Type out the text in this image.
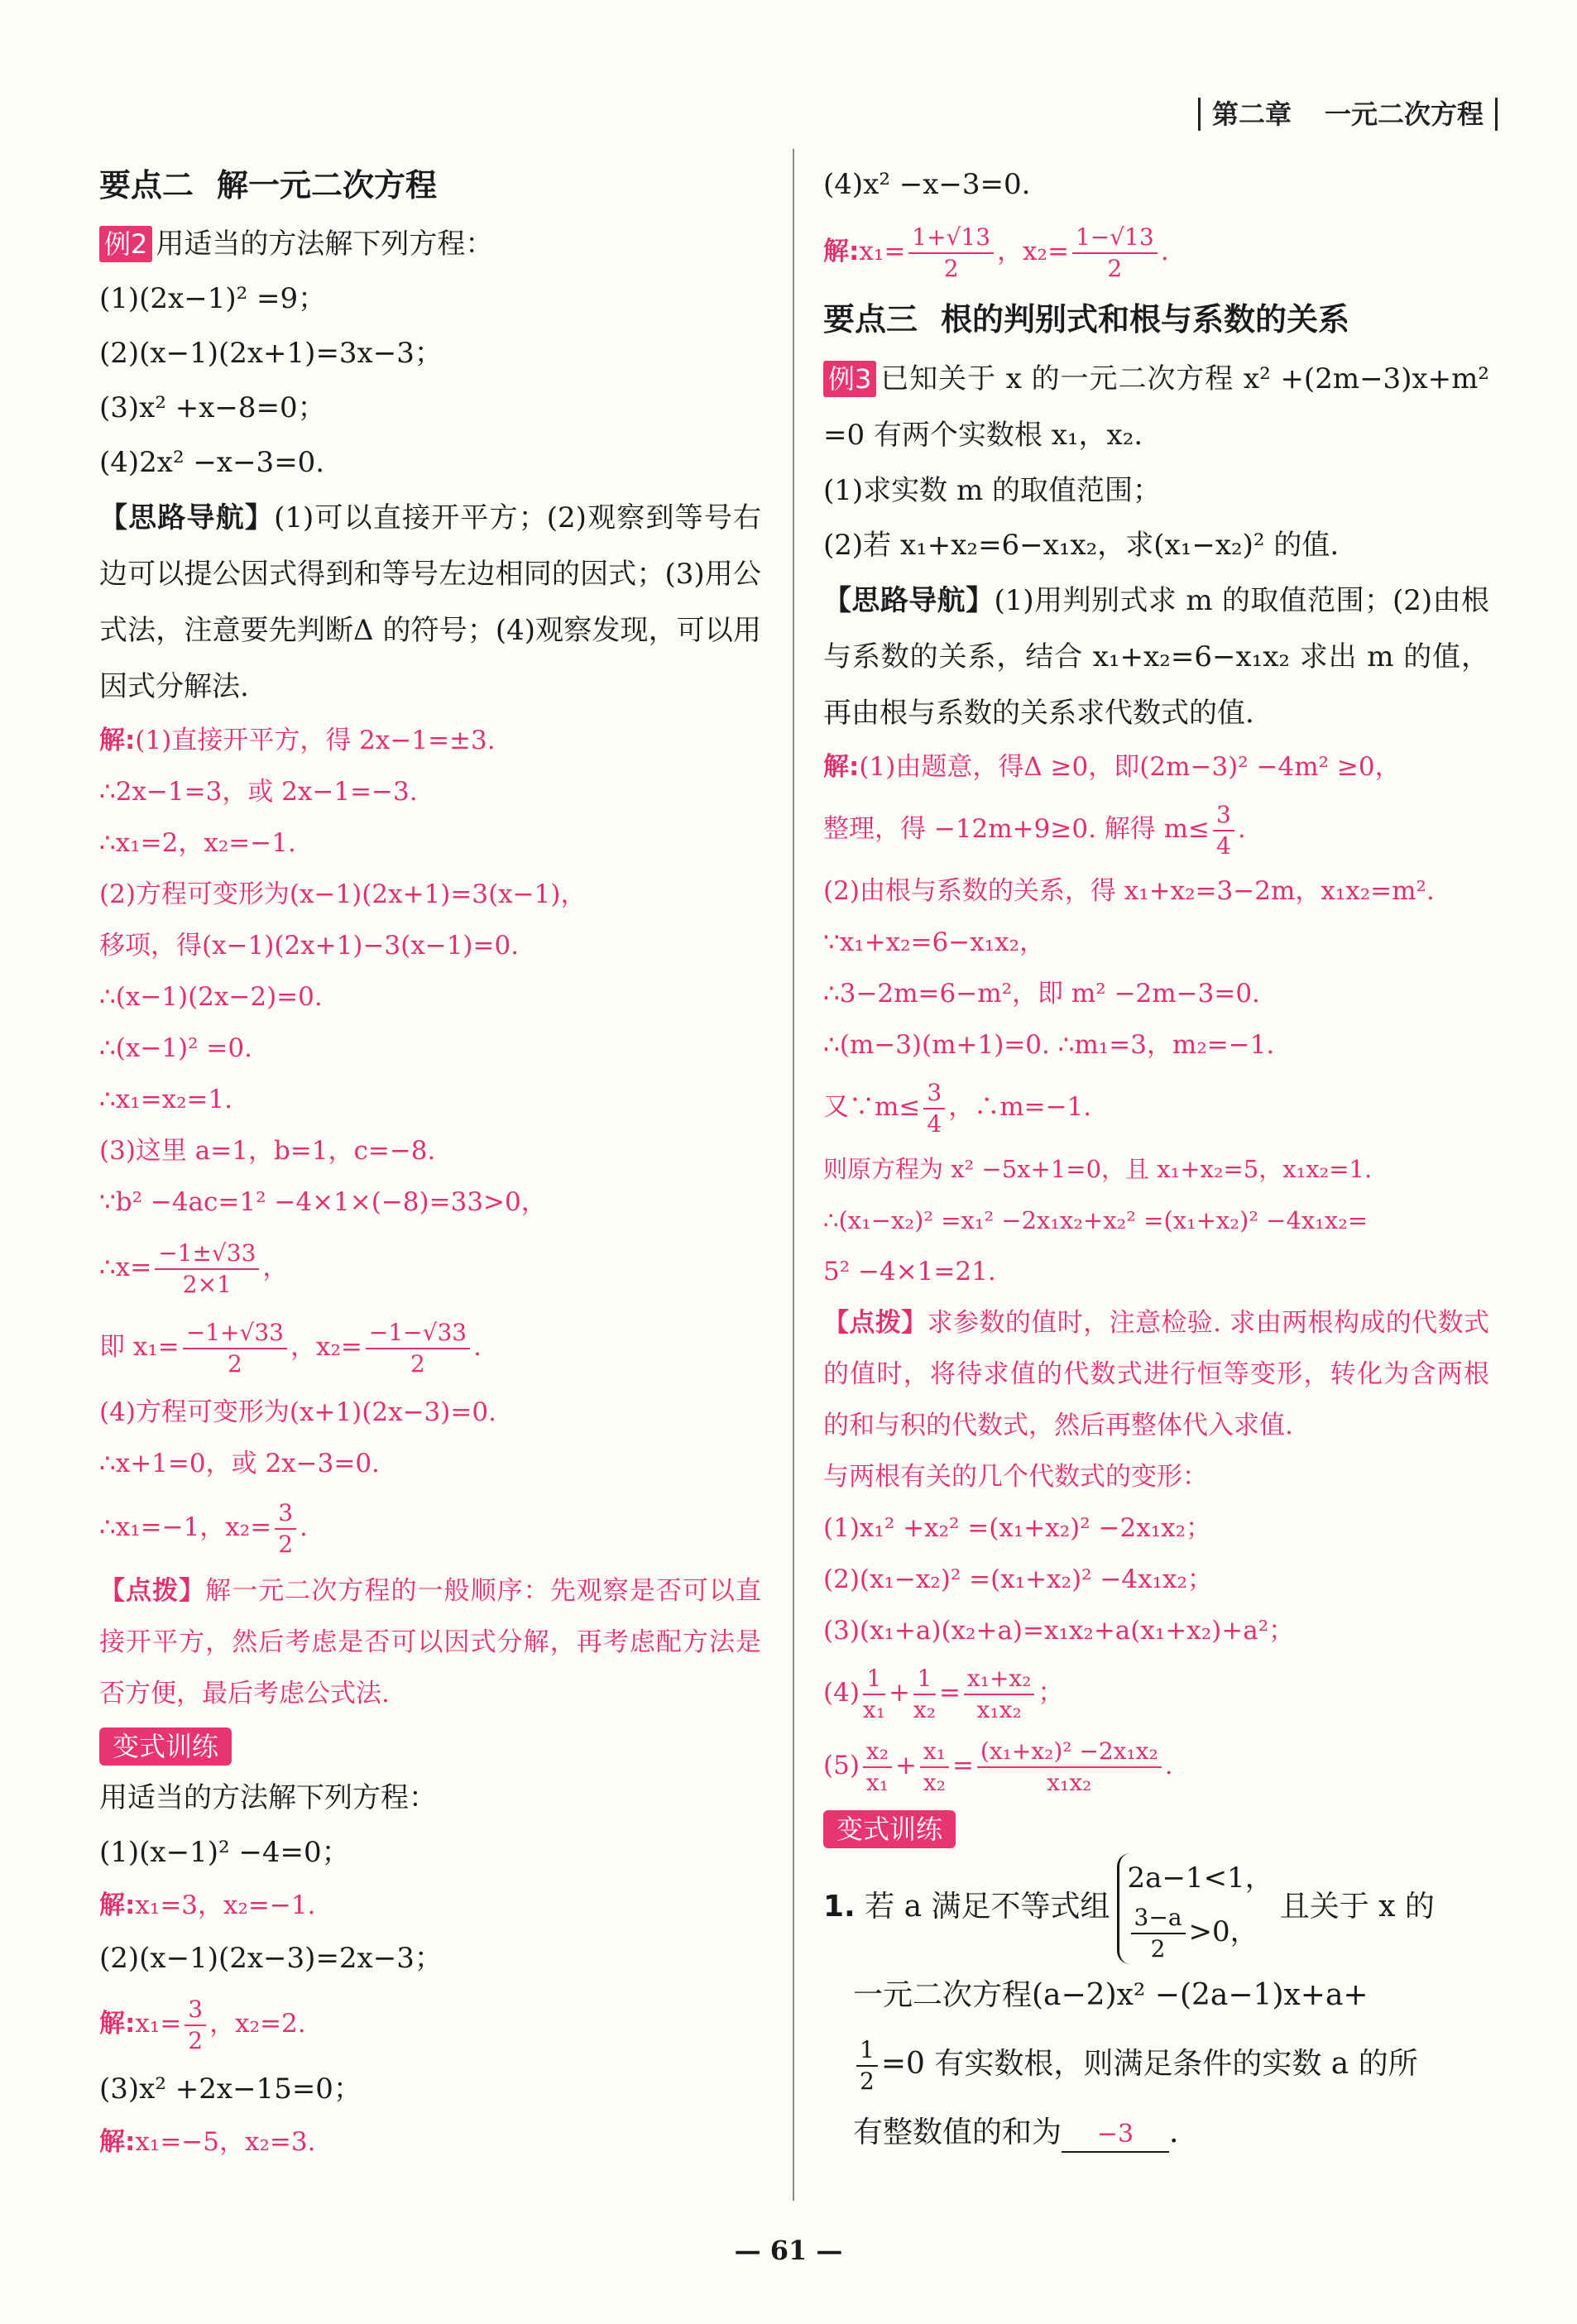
第二章 一元二次方程
要点二 解一元二次方程
例2 用适当的方法解下列方程：
(1)(2x−1)² =9；
(2)(x−1)(2x+1)=3x−3；
(3)x² +x−8=0；
(4)2x² −x−3=0.
【思路导航】(1)可以直接开平方；(2)观察到等号右边可以提公因式得到和等号左边相同的因式；(3)用公式法，注意要先判断Δ 的符号；(4)观察发现，可以用因式分解法.
解:(1)直接开平方，得 2x−1=±3.
∴2x−1=3，或 2x−1=−3.
∴x₁=2，x₂=−1.
(2)方程可变形为(x−1)(2x+1)=3(x−1)，
移项，得(x−1)(2x+1)−3(x−1)=0.
∴(x−1)(2x−2)=0.
∴(x−1)² =0.
∴x₁=x₂=1.
(3)这里 a=1，b=1，c=−8.
∵b² −4ac=1² −4×1×(−8)=33>0，
∴x= $\frac{-1\pm√33}{2\times 1}$ ，
即 $x_1= \frac{-1+√33}{2}$ ，$x_2= \frac{-1-√33}{2}$ .
(4)方程可变形为(x+1)(2x−3)=0.
∴x+1=0，或 2x−3=0.
∴x₁=−1，$x_2= \frac{3}{2}$ .
【点拨】解一元二次方程的一般顺序：先观察是否可以直接开平方，然后考虑是否可以因式分解，再考虑配方法是否方便，最后考虑公式法.
变式训练
用适当的方法解下列方程：
(1)(x−1)² −4=0；
解:x₁=3，x₂=−1.
(2)(x−1)(2x−3)=2x−3；
解:x₁= $\frac{3}{2}$ ，x₂=2.
(3)x² +2x−15=0；
解:x₁=−5，x₂=3.
(4)x² −x−3=0.
解:x₁= $\frac{1+√13}{2}$ ，$x_2= \frac{1-√13}{2}$ .
要点三 根的判别式和根与系数的关系
例3 已知关于 x 的一元二次方程 x² +(2m−3)x+m² =0 有两个实数根 x₁，x₂.
(1)求实数 m 的取值范围；
(2)若 x₁+x₂=6−x₁x₂，求(x₁−x₂)² 的值.
【思路导航】(1)用判别式求 m 的取值范围；(2)由根与系数的关系，结合 x₁+x₂=6−x₁x₂ 求出 m 的值，再由根与系数的关系求代数式的值.
解:(1)由题意，得Δ ≥0，即(2m−3)² −4m² ≥0，
整理，得 −12m+9≥0. 解得 $m\le \frac{3}{4}$ .
(2)由根与系数的关系，得 x₁+x₂=3−2m，x₁x₂=m².
∵x₁+x₂=6−x₁x₂，
∴3−2m=6−m²，即 m² −2m−3=0.
∴(m−3)(m+1)=0. ∴m₁=3，m₂=−1.
又∵m≤ $\frac{3}{4}$ ，∴m=−1.
则原方程为 x² −5x+1=0，且 x₁+x₂=5，x₁x₂=1.
∴(x₁−x₂)² =x₁² −2x₁x₂+x₂² =(x₁+x₂)² −4x₁x₂=
5² −4×1=21.
【点拨】求参数的值时，注意检验. 求由两根构成的代数式的值时，将待求值的代数式进行恒等变形，转化为含两根的和与积的代数式，然后再整体代入求值.
与两根有关的几个代数式的变形：
(1)x₁² +x₂² =(x₁+x₂)² −2x₁x₂；
(2)(x₁−x₂)² =(x₁+x₂)² −4x₁x₂；
(3)(x₁+a)(x₂+a)=x₁x₂+a(x₁+x₂)+a²；
$(4) \frac{1}{\text{x₁}} + \frac{1}{\text{x₂}} = \frac{\text{x₁+x₂}}{\text{x₁x₂}}$ ；
$(5) \frac{\text{x₂}}{\text{x₁}} + \frac{\text{x₁}}{\text{x₂}} = \frac{\text{(x₁+x₂)² −2x₁x₂}}{\text{x₁x₂}}$ .
变式训练
1. 若 a 满足不等式组
2a−1<1，
$\frac{3-a}{2} >0$，
且关于 x 的
一元二次方程(a−2)x² −(2a−1)x+a+
$\frac{1}{2} =0$ 有实数根，则满足条件的实数 a 的所
有整数值的和为 −3 .
— 61 —
